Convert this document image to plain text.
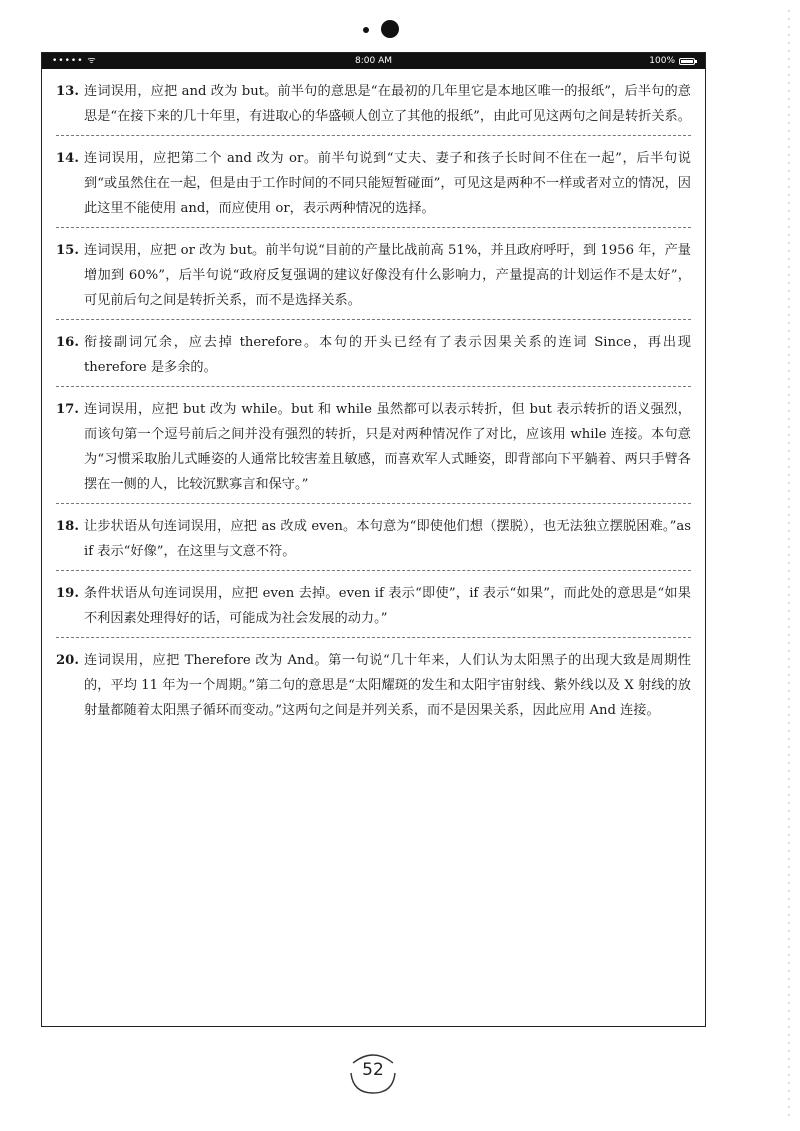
••••• ᯤ	8:00 AM	100%
13. 连词误用，应把 and 改为 but。前半句的意思是“在最初的几年里它是本地区唯一的报纸”，后半句的意思是“在接下来的几十年里，有进取心的华盛顿人创立了其他的报纸”，由此可见这两句之间是转折关系。
14. 连词误用，应把第二个 and 改为 or。前半句说到“丈夫、妻子和孩子长时间不住在一起”，后半句说到“或虽然住在一起，但是由于工作时间的不同只能短暂碰面”，可见这是两种不一样或者对立的情况，因此这里不能使用 and，而应使用 or，表示两种情况的选择。
15. 连词误用，应把 or 改为 but。前半句说“目前的产量比战前高 51%，并且政府呼吁，到 1956 年，产量增加到 60%”，后半句说“政府反复强调的建议好像没有什么影响力，产量提高的计划运作不是太好”，可见前后句之间是转折关系，而不是选择关系。
16. 衔接副词冗余，应去掉 therefore。本句的开头已经有了表示因果关系的连词 Since，再出现 therefore 是多余的。
17. 连词误用，应把 but 改为 while。but 和 while 虽然都可以表示转折，但 but 表示转折的语义强烈，而该句第一个逗号前后之间并没有强烈的转折，只是对两种情况作了对比，应该用 while 连接。本句意为“习惯采取胎儿式睡姿的人通常比较害羞且敏感，而喜欢军人式睡姿，即背部向下平躺着、两只手臂各摆在一侧的人，比较沉默寡言和保守。”
18. 让步状语从句连词误用，应把 as 改成 even。本句意为“即使他们想（摆脱），也无法独立摆脱困难。”as if 表示“好像”，在这里与文意不符。
19. 条件状语从句连词误用，应把 even 去掉。even if 表示“即使”，if 表示“如果”，而此处的意思是“如果不利因素处理得好的话，可能成为社会发展的动力。”
20. 连词误用，应把 Therefore 改为 And。第一句说“几十年来，人们认为太阳黑子的出现大致是周期性的，平均 11 年为一个周期。”第二句的意思是“太阳耀斑的发生和太阳宇宙射线、紫外线以及 X 射线的放射量都随着太阳黑子循环而变动。”这两句之间是并列关系，而不是因果关系，因此应用 And 连接。
52
